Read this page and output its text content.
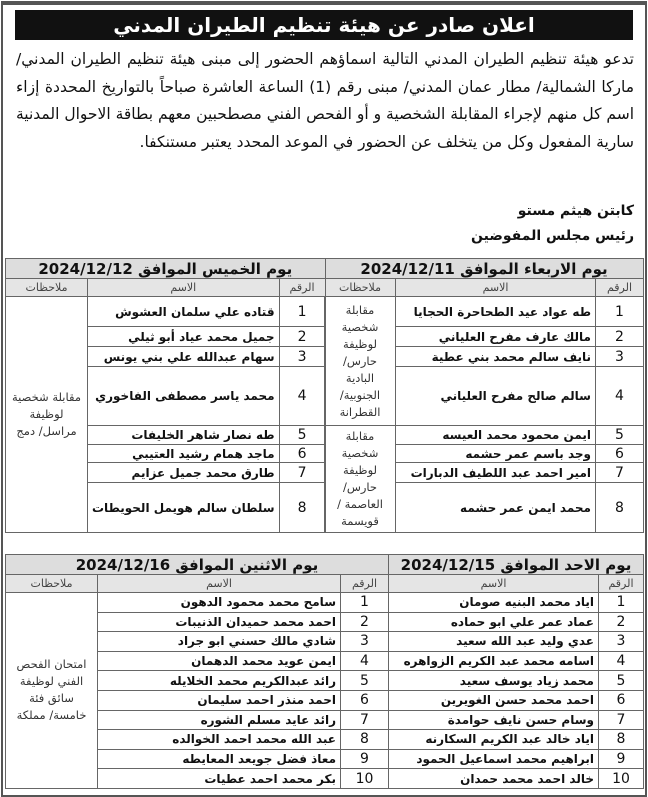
اعلان صادر عن هيئة تنظيم الطيران المدني
تدعو هيئة تنظيم الطيران المدني التالية اسماؤهم الحضور إلى مبنى هيئة تنظيم الطيران المدني/ ماركا الشمالية/ مطار عمان المدني/ مبنى رقم (1) الساعة العاشرة صباحاً بالتواريخ المحددة إزاء اسم كل منهم لإجراء المقابلة الشخصية و أو الفحص الفني مصطحبين معهم بطاقة الاحوال المدنية سارية المفعول وكل من يتخلف عن الحضور في الموعد المحدد يعتبر مستنكفا.
كابتن هيثم مستو
رئيس مجلس المفوضين
يوم الاربعاء الموافق 2024/12/11		
الرقم	الاسم	ملاحظات
1	طه عواد عيد الطحاحرة الحجايا	مقابلة شخصية لوظيفة حارس/ البادية الجنوبية/ القطرانة
2	مالك عارف مفرح العلياني	
3	نايف سالم محمد بني عطية	
4	سالم صالح مفرح العلياني	
5	ايمن محمود محمد العيسه	مقابلة شخصية لوظيفة حارس/ العاصمة / قويسمة
6	وجد باسم عمر حشمه	
7	امير احمد عبد اللطيف الدبارات	
8	محمد ايمن عمر حشمه	
يوم الخميس الموافق 2024/12/12		
الرقم	الاسم	ملاحظات
1	قتاده علي سلمان العشوش	مقابلة شخصية لوظيفة مراسل/ دمج
2	جميل محمد عياد أبو ثيلي	
3	سهام عبدالله علي بني يونس	
4	محمد ياسر مصطفى الفاخوري	
5	طه نصار شاهر الخليفات	
6	ماجد همام رشيد العتيبي	
7	طارق محمد جميل عزايم	
8	سلطان سالم هويمل الحويطات	
يوم الاحد الموافق 2024/12/15	
الرقم	الاسم
1	اياد محمد البنيه صومان
2	عماد عمر علي ابو حماده
3	عدي وليد عبد الله سعيد
4	اسامه محمد عبد الكريم الزواهره
5	محمد زياد يوسف سعيد
6	احمد محمد حسن الغويرين
7	وسام حسن نايف حوامدة
8	اياد خالد عبد الكريم السكارنه
9	ابراهيم محمد اسماعيل الحمود
10	خالد احمد محمد حمدان
يوم الاثنين الموافق 2024/12/16		
الرقم	الاسم	ملاحظات
1	سامح محمد محمود الدهون	امتحان الفحص الفني لوظيفة سائق فئة خامسة/ مملكة
2	احمد محمد حميدان الذنيبات	
3	شادي مالك حسني ابو جراد	
4	ايمن عويد محمد الدهمان	
5	رائد عبدالكريم محمد الخلايله	
6	احمد منذر احمد سليمان	
7	رائد عايد مسلم الشوره	
8	عبد الله محمد احمد الخوالده	
9	معاذ فضل جويعد المعايطه	
10	بكر محمد احمد عطيات	
